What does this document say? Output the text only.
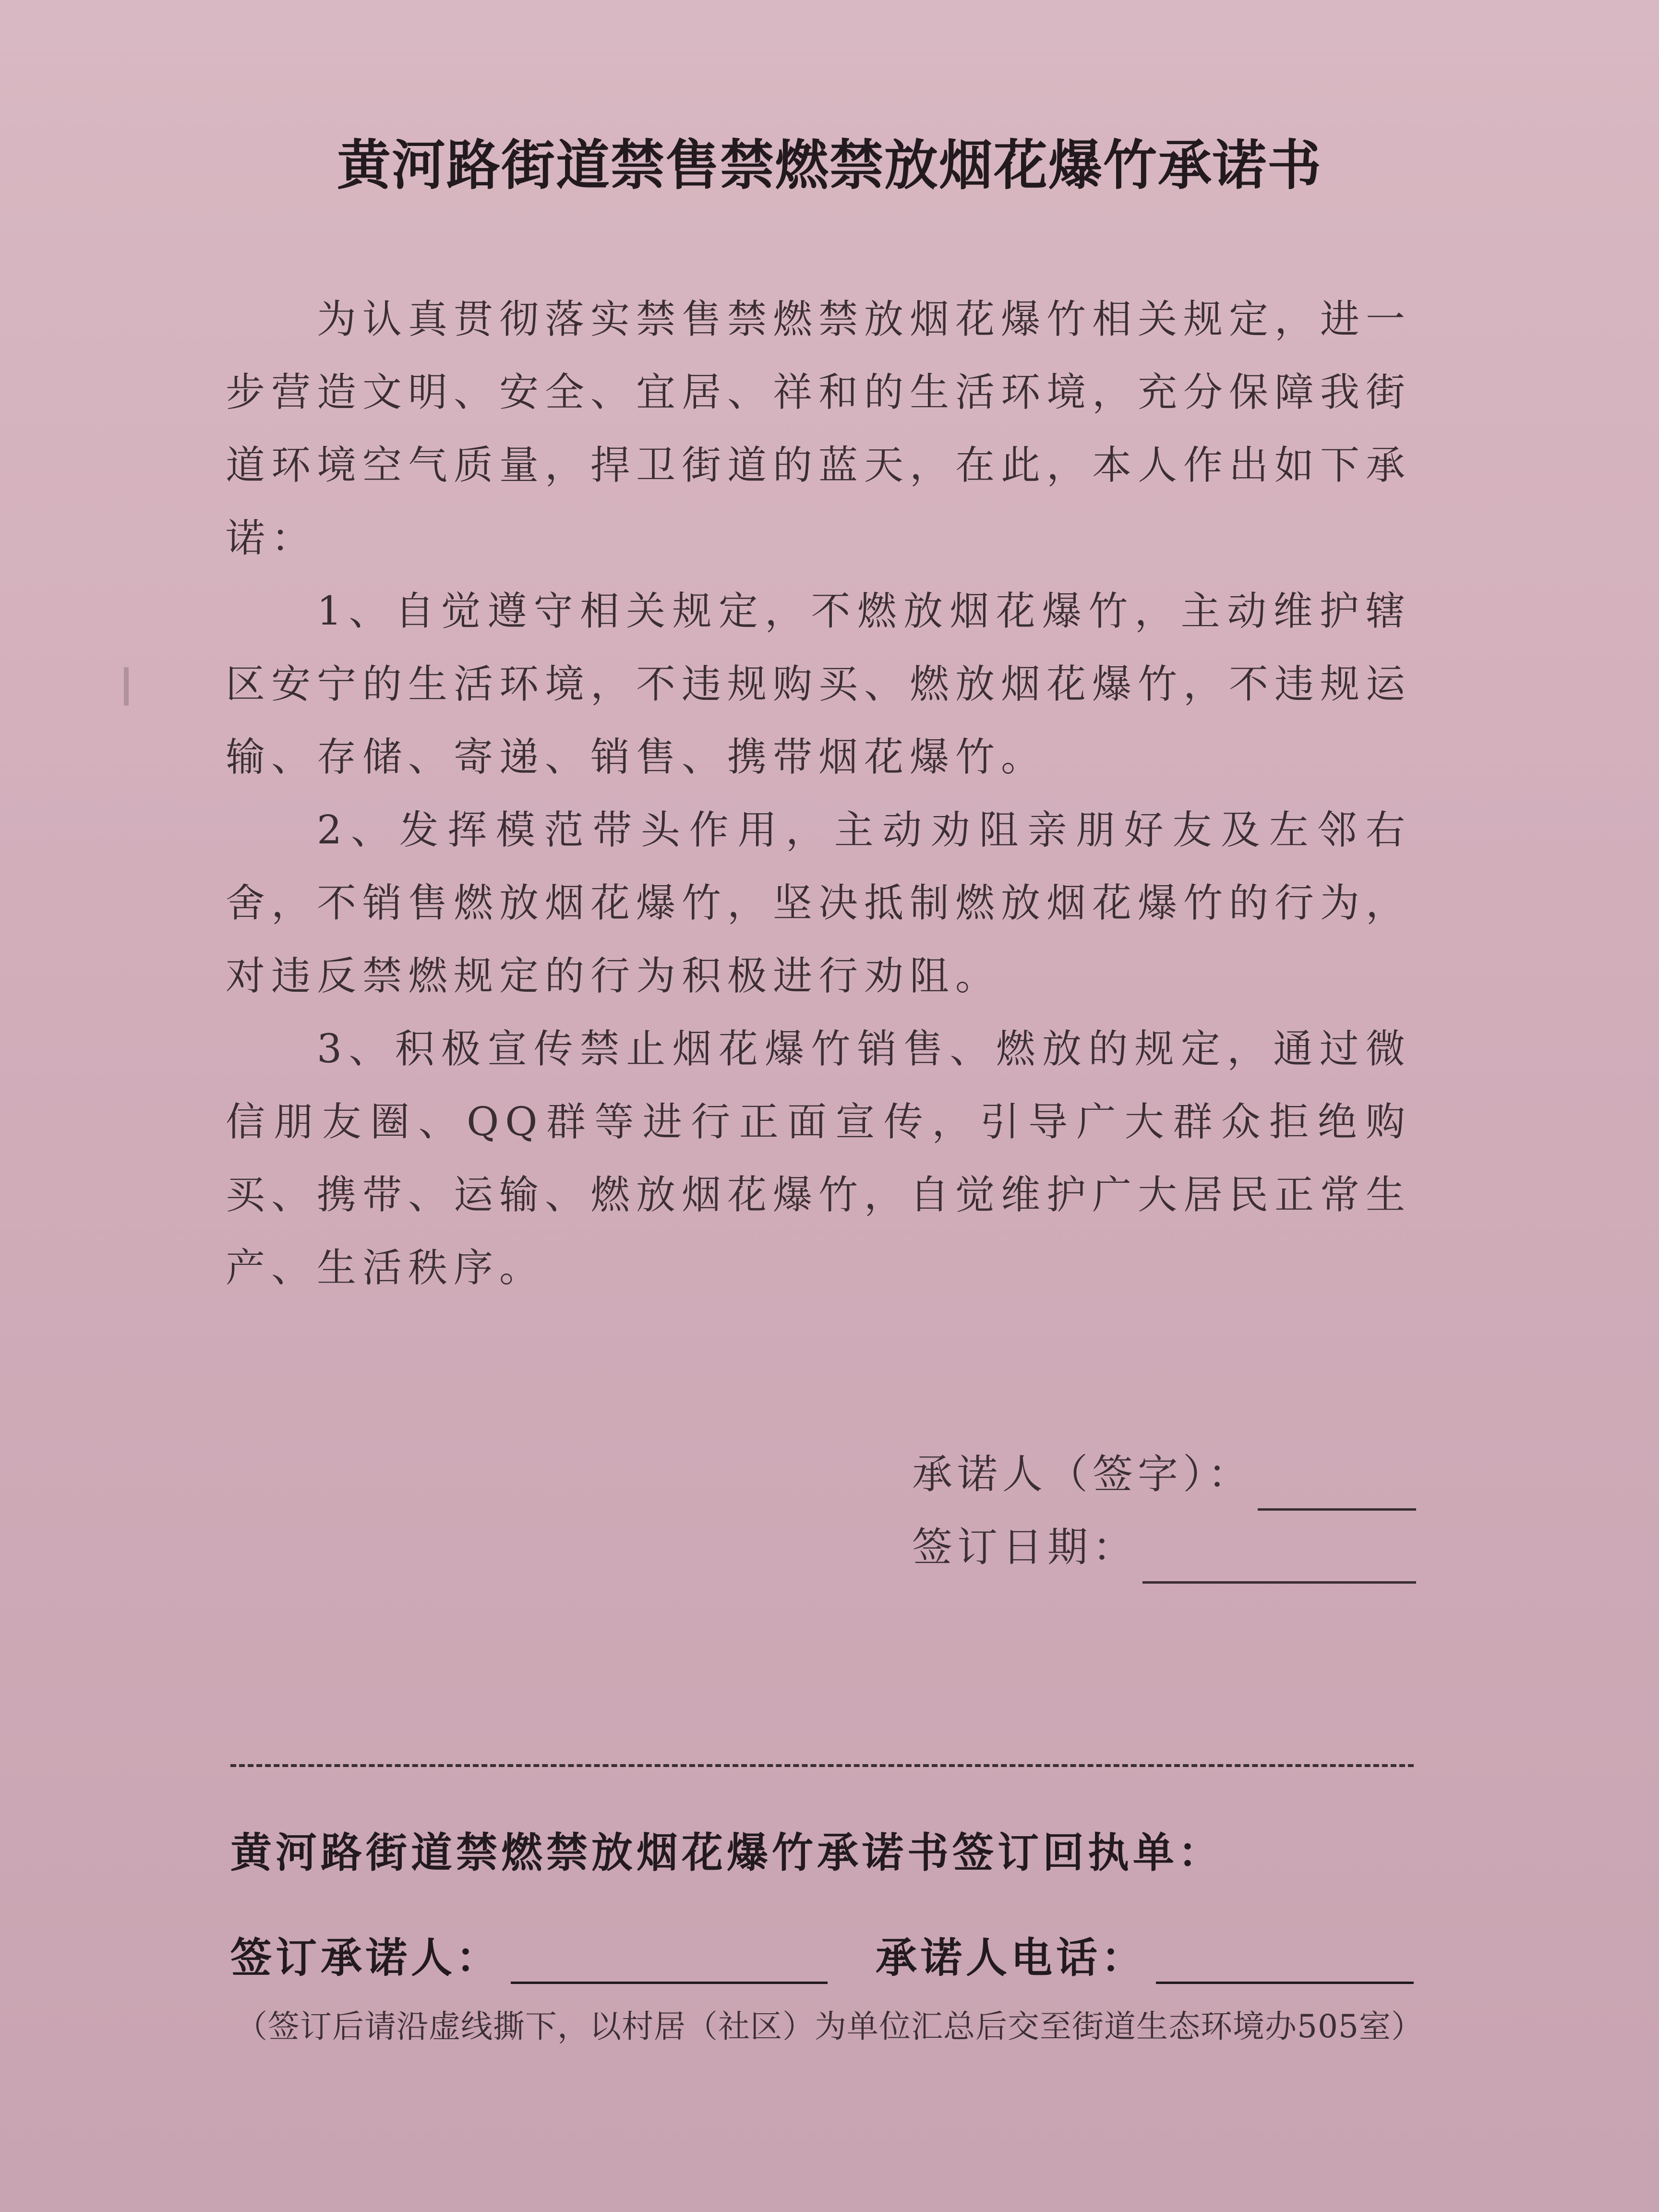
黄河路街道禁售禁燃禁放烟花爆竹承诺书

为认真贯彻落实禁售禁燃禁放烟花爆竹相关规定，进一步营造文明、安全、宜居、祥和的生活环境，充分保障我街道环境空气质量，捍卫街道的蓝天，在此，本人作出如下承诺：

1、自觉遵守相关规定，不燃放烟花爆竹，主动维护辖区安宁的生活环境，不违规购买、燃放烟花爆竹，不违规运输、存储、寄递、销售、携带烟花爆竹。

2、发挥模范带头作用，主动劝阻亲朋好友及左邻右舍，不销售燃放烟花爆竹，坚决抵制燃放烟花爆竹的行为，对违反禁燃规定的行为积极进行劝阻。

3、积极宣传禁止烟花爆竹销售、燃放的规定，通过微信朋友圈、QQ群等进行正面宣传，引导广大群众拒绝购买、携带、运输、燃放烟花爆竹，自觉维护广大居民正常生产、生活秩序。

承诺人（签字）：
签订日期：
黄河路街道禁燃禁放烟花爆竹承诺书签订回执单：
签订承诺人：	承诺人电话：
（签订后请沿虚线撕下，以村居（社区）为单位汇总后交至街道生态环境办505室）
